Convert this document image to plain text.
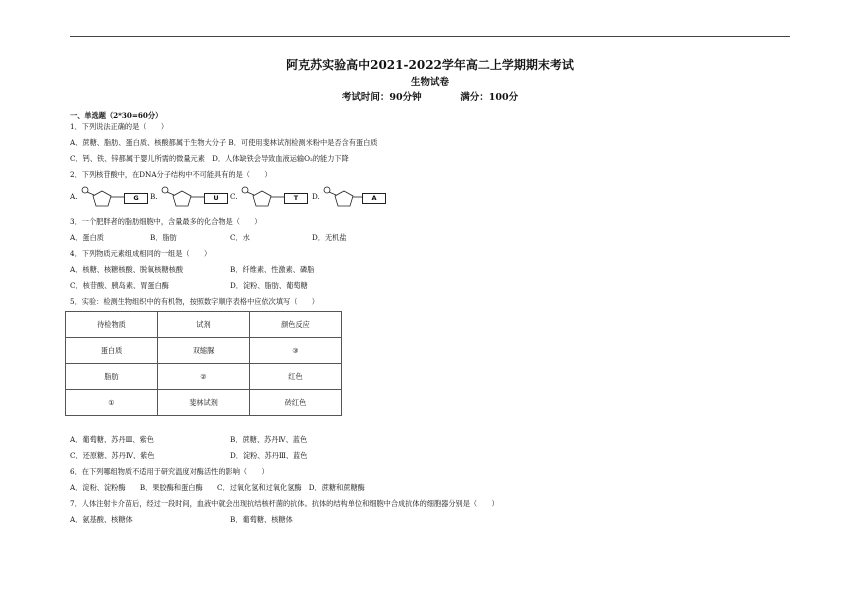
阿克苏实验高中2021-2022学年高二上学期期末考试
生物试卷
考试时间：90分钟	满分：100分
一、单选题（2*30=60分）
1．下列说法正确的是（　　）
A．蔗糖、脂肪、蛋白质、核酸都属于生物大分子 B．可使用斐林试剂检测米粉中是否含有蛋白质
C．钙、铁、锌都属于婴儿所需的微量元素　D．人体缺铁会导致血液运输O₂的能力下降
2．下列核苷酸中，在DNA分子结构中不可能具有的是（　　）
A.	G	B.	U	C.	T	D.	A
3．一个肥胖者的脂肪细胞中，含量最多的化合物是（　　）
A．蛋白质	B．脂肪	C．水	D．无机盐
4．下列物质元素组成相同的一组是（　　）
A．核糖、核糖核酸、脱氧核糖核酸	B．纤维素、性激素、磷脂
C．核苷酸、胰岛素、胃蛋白酶	D．淀粉、脂肪、葡萄糖
5．实验：检测生物组织中的有机物，按照数字顺序表格中应依次填写（　　）
待检物质	试剂	颜色反应
蛋白质	双缩脲	③
脂肪	②	红色
①	斐林试剂	砖红色
A．葡萄糖、苏丹Ⅲ、紫色	B．蔗糖、苏丹Ⅳ、蓝色
C．还原糖、苏丹Ⅳ、紫色	D．淀粉、苏丹Ⅲ、蓝色
6．在下列哪组物质不适用于研究温度对酶活性的影响（　　）
A．淀粉、淀粉酶　　B．果胶酶和蛋白酶　　C．过氧化氢和过氧化氢酶　D．蔗糖和蔗糖酶
7．人体注射卡介苗后，经过一段时间，血液中就会出现抗结核杆菌的抗体。抗体的结构单位和细胞中合成抗体的细胞器分别是（　　）
A．氨基酸、核糖体	B．葡萄糖、核糖体
